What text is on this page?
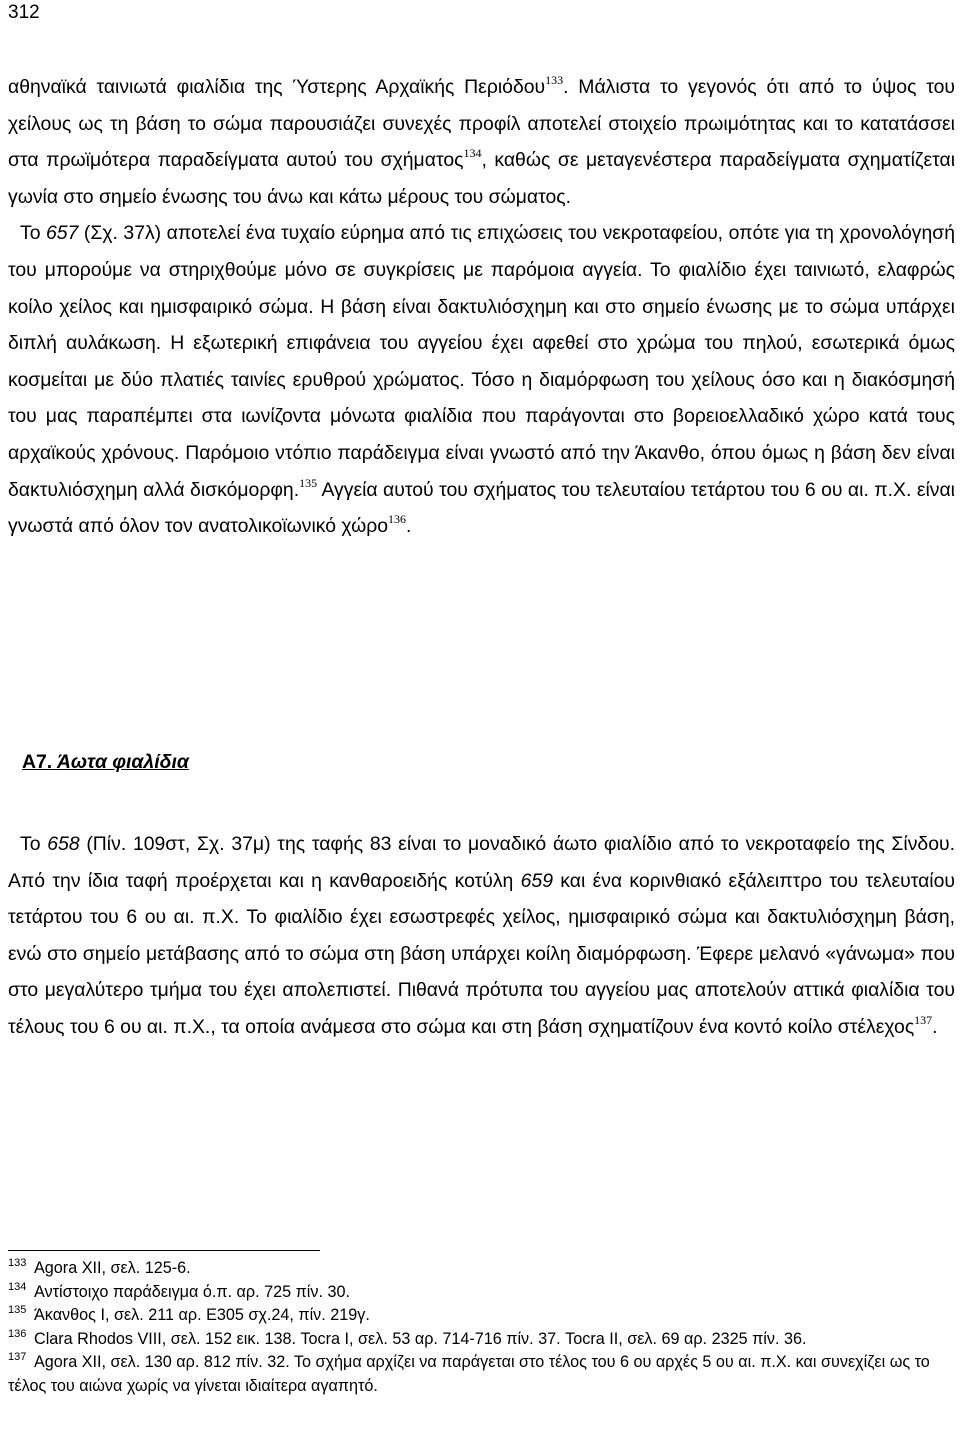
312

αθηναϊκά ταινιωτά φιαλίδια της Ύστερης Αρχαϊκής Περιόδου$^{133}$. Μάλιστα το γεγονός ότι από το ύψος του χείλους ως τη βάση το σώμα παρουσιάζει συνεχές προφίλ αποτελεί στοιχείο πρωιμότητας και το κατατάσσει στα πρωϊμότερα παραδείγματα αυτού του σχήματος$^{134}$, καθώς σε μεταγενέστερα παραδείγματα σχηματίζεται γωνία στο σημείο ένωσης του άνω και κάτω μέρους του σώματος.

Το 657 (Σχ. 37λ) αποτελεί ένα τυχαίο εύρημα από τις επιχώσεις του νεκροταφείου, οπότε για τη χρονολόγησή του μπορούμε να στηριχθούμε μόνο σε συγκρίσεις με παρόμοια αγγεία. Το φιαλίδιο έχει ταινιωτό, ελαφρώς κοίλο χείλος και ημισφαιρικό σώμα. Η βάση είναι δακτυλιόσχημη και στο σημείο ένωσης με το σώμα υπάρχει διπλή αυλάκωση. Η εξωτερική επιφάνεια του αγγείου έχει αφεθεί στο χρώμα του πηλού, εσωτερικά όμως κοσμείται με δύο πλατιές ταινίες ερυθρού χρώματος. Τόσο η διαμόρφωση του χείλους όσο και η διακόσμησή του μας παραπέμπει στα ιωνίζοντα μόνωτα φιαλίδια που παράγονται στο βορειοελλαδικό χώρο κατά τους αρχαϊκούς χρόνους. Παρόμοιο ντόπιο παράδειγμα είναι γνωστό από την Άκανθο, όπου όμως η βάση δεν είναι δακτυλιόσχημη αλλά δισκόμορφη.$^{135}$ Αγγεία αυτού του σχήματος του τελευταίου τετάρτου του 6 ου αι. π.Χ. είναι γνωστά από όλον τον ανατολικοϊωνικό χώρο$^{136}$.

Α7. Άωτα φιαλίδια

Το 658 (Πίν. 109στ, Σχ. 37μ) της ταφής 83 είναι το μοναδικό άωτο φιαλίδιο από το νεκροταφείο της Σίνδου. Από την ίδια ταφή προέρχεται και η κανθαροειδής κοτύλη 659 και ένα κορινθιακό εξάλειπτρο του τελευταίου τετάρτου του 6 ου αι. π.Χ. Το φιαλίδιο έχει εσωστρεφές χείλος, ημισφαιρικό σώμα και δακτυλιόσχημη βάση, ενώ στο σημείο μετάβασης από το σώμα στη βάση υπάρχει κοίλη διαμόρφωση. Έφερε μελανό «γάνωμα» που στο μεγαλύτερο τμήμα του έχει απολεπιστεί. Πιθανά πρότυπα του αγγείου μας αποτελούν αττικά φιαλίδια του τέλους του 6 ου αι. π.Χ., τα οποία ανάμεσα στο σώμα και στη βάση σχηματίζουν ένα κοντό κοίλο στέλεχος$^{137}$.

133 Agora XII, σελ. 125-6.

134 Αντίστοιχο παράδειγμα ό.π. αρ. 725 πίν. 30.

135 Άκανθος Ι, σελ. 211 αρ. Ε305 σχ.24, πίν. 219γ.

136 Clara Rhodos VIII, σελ. 152 εικ. 138. Tocra I, σελ. 53 αρ. 714-716 πίν. 37. Tocra II, σελ. 69 αρ. 2325 πίν. 36.

137 Agora XII, σελ. 130 αρ. 812 πίν. 32. Το σχήμα αρχίζει να παράγεται στο τέλος του 6 ου αρχές 5 ου αι. π.Χ. και συνεχίζει ως το τέλος του αιώνα χωρίς να γίνεται ιδιαίτερα αγαπητό.
